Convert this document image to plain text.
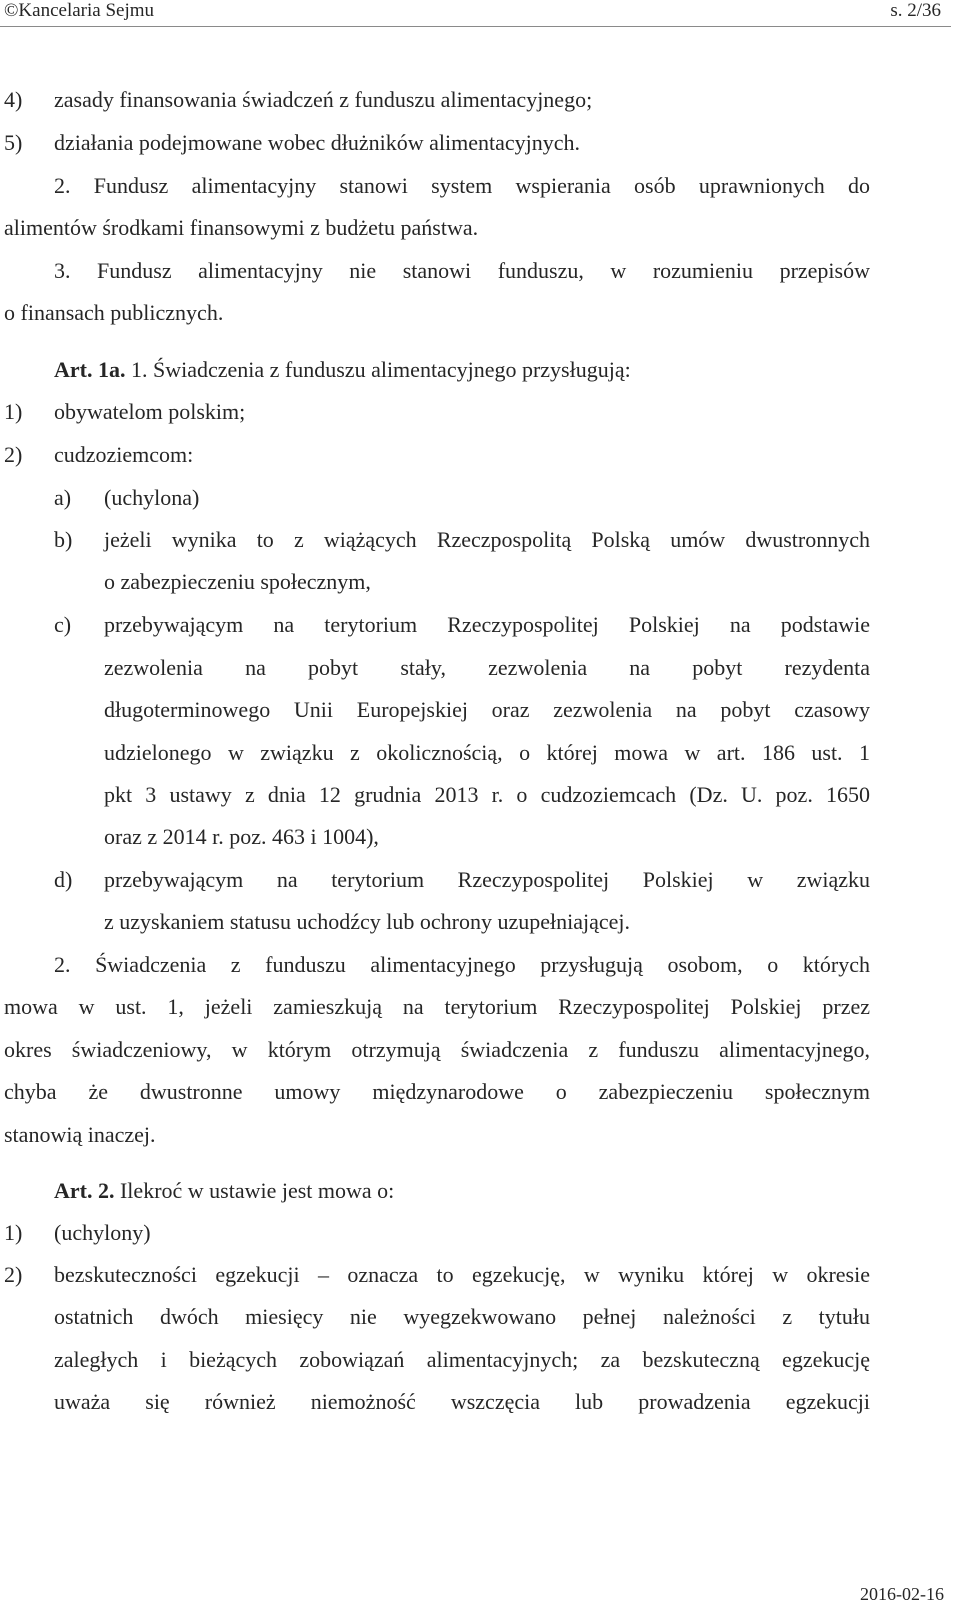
©Kancelaria Sejmu	s. 2/36
4) zasady finansowania świadczeń z funduszu alimentacyjnego;
5) działania podejmowane wobec dłużników alimentacyjnych.
2. Fundusz alimentacyjny stanowi system wspierania osób uprawnionych do
alimentów środkami finansowymi z budżetu państwa.
3. Fundusz alimentacyjny nie stanowi funduszu, w rozumieniu przepisów
o finansach publicznych.
Art. 1a. 1. Świadczenia z funduszu alimentacyjnego przysługują:
1) obywatelom polskim;
2) cudzoziemcom:
a) (uchylona)
b) jeżeli wynika to z wiążących Rzeczpospolitą Polską umów dwustronnych
o zabezpieczeniu społecznym,
c) przebywającym na terytorium Rzeczypospolitej Polskiej na podstawie
zezwolenia na pobyt stały, zezwolenia na pobyt rezydenta
długoterminowego Unii Europejskiej oraz zezwolenia na pobyt czasowy
udzielonego w związku z okolicznością, o której mowa w art. 186 ust. 1
pkt 3 ustawy z dnia 12 grudnia 2013 r. o cudzoziemcach (Dz. U. poz. 1650
oraz z 2014 r. poz. 463 i 1004),
d) przebywającym na terytorium Rzeczypospolitej Polskiej w związku
z uzyskaniem statusu uchodźcy lub ochrony uzupełniającej.
2. Świadczenia z funduszu alimentacyjnego przysługują osobom, o których
mowa w ust. 1, jeżeli zamieszkują na terytorium Rzeczypospolitej Polskiej przez
okres świadczeniowy, w którym otrzymują świadczenia z funduszu alimentacyjnego,
chyba że dwustronne umowy międzynarodowe o zabezpieczeniu społecznym
stanowią inaczej.
Art. 2. Ilekroć w ustawie jest mowa o:
1) (uchylony)
2) bezskuteczności egzekucji – oznacza to egzekucję, w wyniku której w okresie
ostatnich dwóch miesięcy nie wyegzekwowano pełnej należności z tytułu
zaległych i bieżących zobowiązań alimentacyjnych; za bezskuteczną egzekucję
uważa się również niemożność wszczęcia lub prowadzenia egzekucji
2016-02-16
